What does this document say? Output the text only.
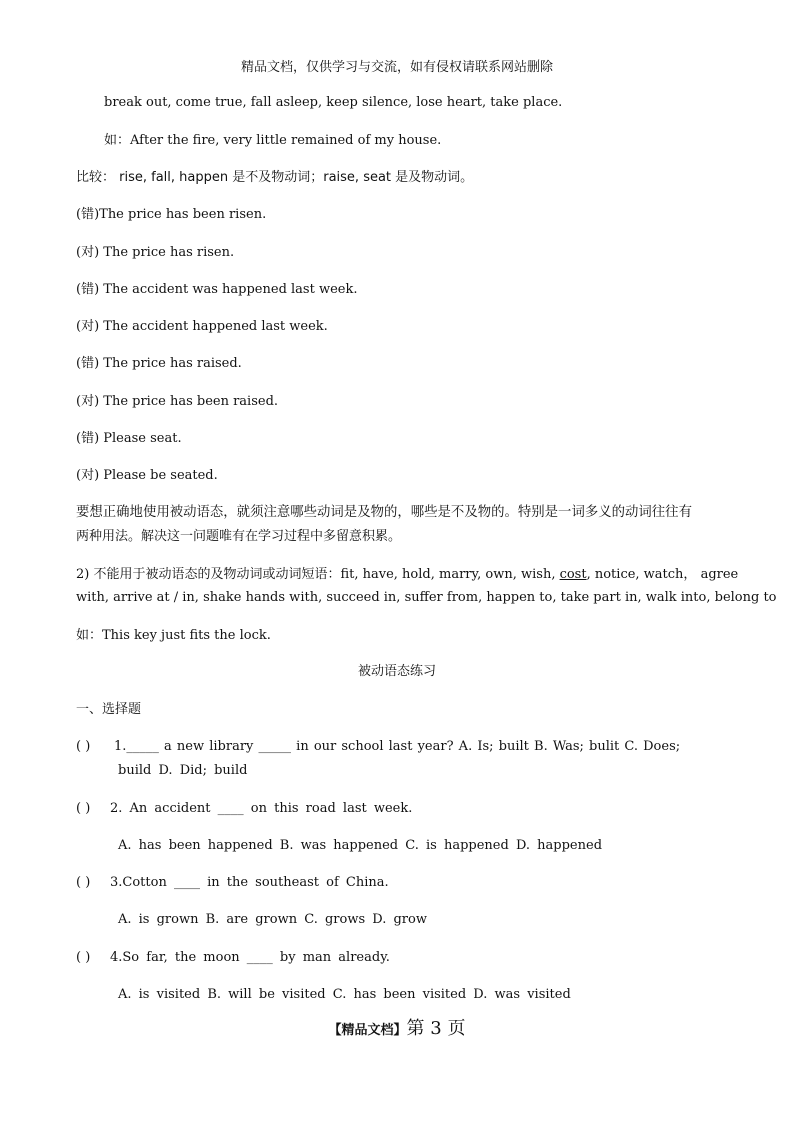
精品文档，仅供学习与交流，如有侵权请联系网站删除
break out, come true, fall asleep, keep silence, lose heart, take place.
如：After the fire, very little remained of my house.
比较： rise, fall, happen 是不及物动词；raise, seat 是及物动词。
(错)The price has been risen.
(对) The price has risen.
(错) The accident was happened last week.
(对) The accident happened last week.
(错) The price has raised.
(对) The price has been raised.
(错) Please seat.
(对) Please be seated.
要想正确地使用被动语态，就须注意哪些动词是及物的，哪些是不及物的。特别是一词多义的动词往往有
两种用法。解决这一问题唯有在学习过程中多留意积累。
2) 不能用于被动语态的及物动词或动词短语：fit, have, hold, marry, own, wish, cost, notice, watch， agree
with, arrive at / in, shake hands with, succeed in, suffer from, happen to, take part in, walk into, belong to
如：This key just fits the lock.
被动语态练习
一、选择题
( ) 1._____ a new library _____ in our school last year? A. Is; built B. Was; bulit C. Does;
build D. Did; build
( ) 2. An accident ____ on this road last week.
A. has been happened B. was happened C. is happened D. happened
( ) 3.Cotton ____ in the southeast of China.
A. is grown B. are grown C. grows D. grow
( ) 4.So far, the moon ____ by man already.
A. is visited B. will be visited C. has been visited D. was visited
【精品文档】第 3 页
